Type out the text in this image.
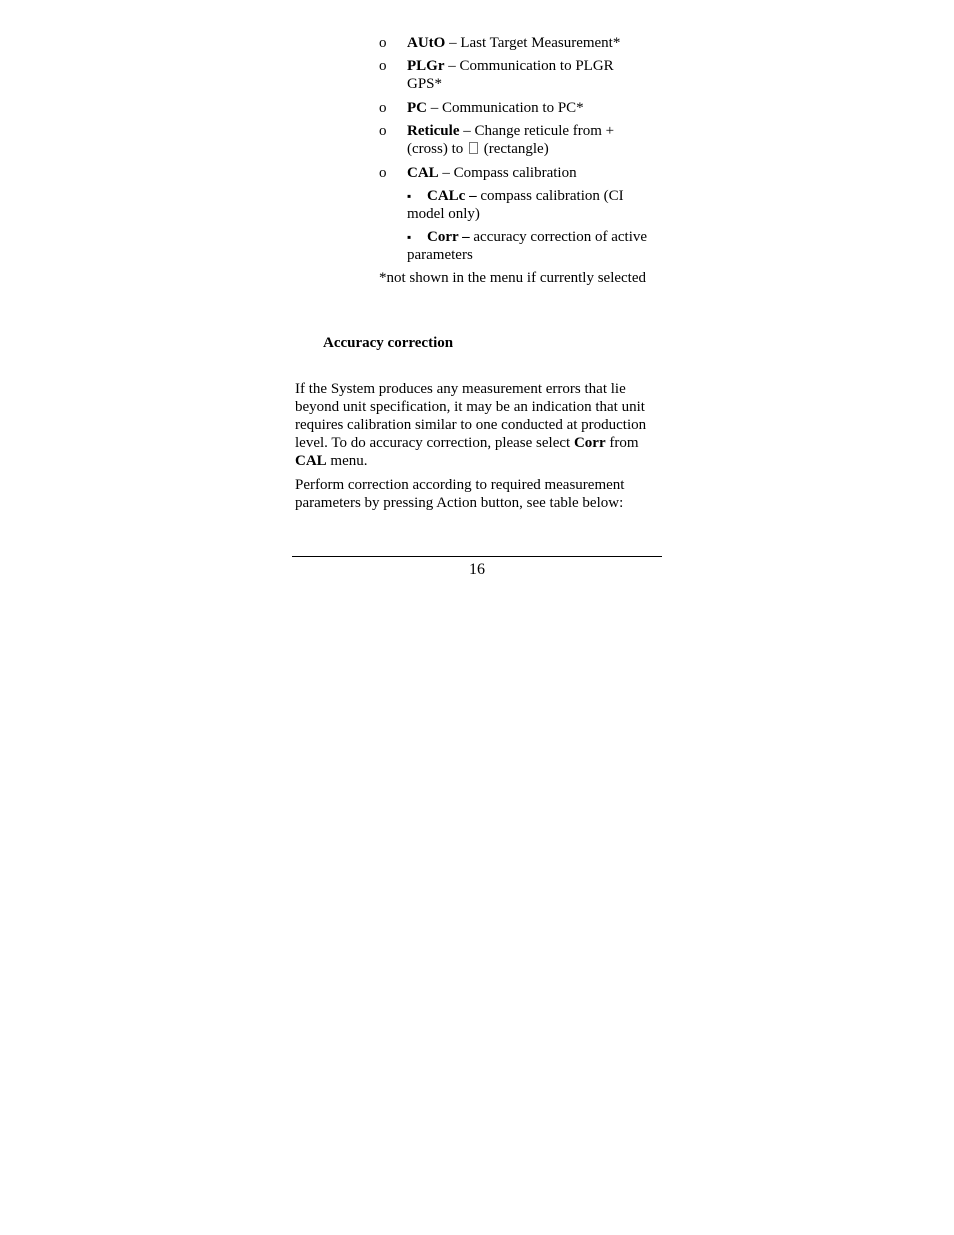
o	AUtO – Last Target Measurement*
o	PLGr – Communication to PLGR GPS*
o	PC – Communication to PC*
o	Reticule – Change reticule from + (cross) to  (rectangle)
o	CAL – Compass calibration
▪	CALc – compass calibration (CI model only)
▪	Corr – accuracy correction of active parameters
*not shown in the menu if currently selected
Accuracy correction
If the System produces any measurement errors that lie beyond unit specification, it may be an indication that unit requires calibration similar to one conducted at production level. To do accuracy correction, please select Corr from CAL menu.
Perform correction according to required measurement parameters by pressing Action button, see table below:
16
